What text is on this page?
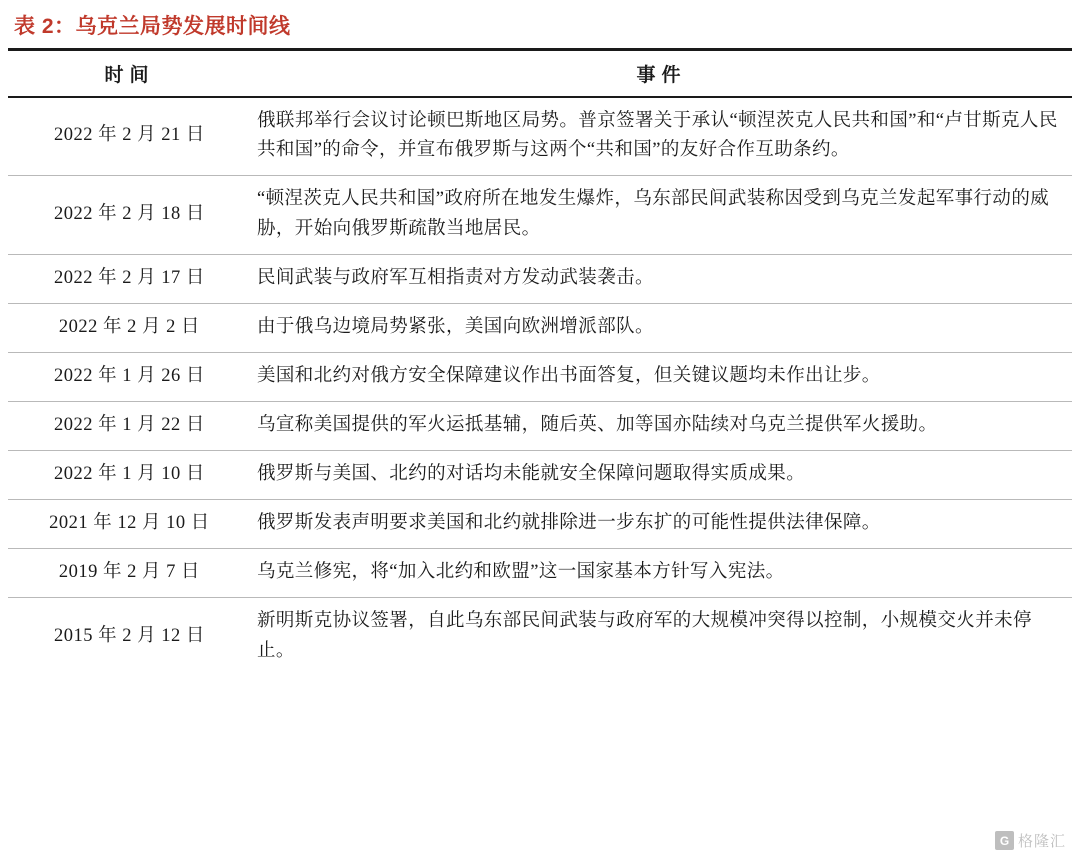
表 2：乌克兰局势发展时间线
时间	事件
2022 年 2 月 21 日	俄联邦举行会议讨论顿巴斯地区局势。普京签署关于承认“顿涅茨克人民共和国”和“卢甘斯克人民共和国”的命令，并宣布俄罗斯与这两个“共和国”的友好合作互助条约。
2022 年 2 月 18 日	“顿涅茨克人民共和国”政府所在地发生爆炸，乌东部民间武装称因受到乌克兰发起军事行动的威胁，开始向俄罗斯疏散当地居民。
2022 年 2 月 17 日	民间武装与政府军互相指责对方发动武装袭击。
2022 年 2 月 2 日	由于俄乌边境局势紧张，美国向欧洲增派部队。
2022 年 1 月 26 日	美国和北约对俄方安全保障建议作出书面答复，但关键议题均未作出让步。
2022 年 1 月 22 日	乌宣称美国提供的军火运抵基辅，随后英、加等国亦陆续对乌克兰提供军火援助。
2022 年 1 月 10 日	俄罗斯与美国、北约的对话均未能就安全保障问题取得实质成果。
2021 年 12 月 10 日	俄罗斯发表声明要求美国和北约就排除进一步东扩的可能性提供法律保障。
2019 年 2 月 7 日	乌克兰修宪，将“加入北约和欧盟”这一国家基本方针写入宪法。
2015 年 2 月 12 日	新明斯克协议签署，自此乌东部民间武装与政府军的大规模冲突得以控制，小规模交火并未停止。
G 格隆汇
